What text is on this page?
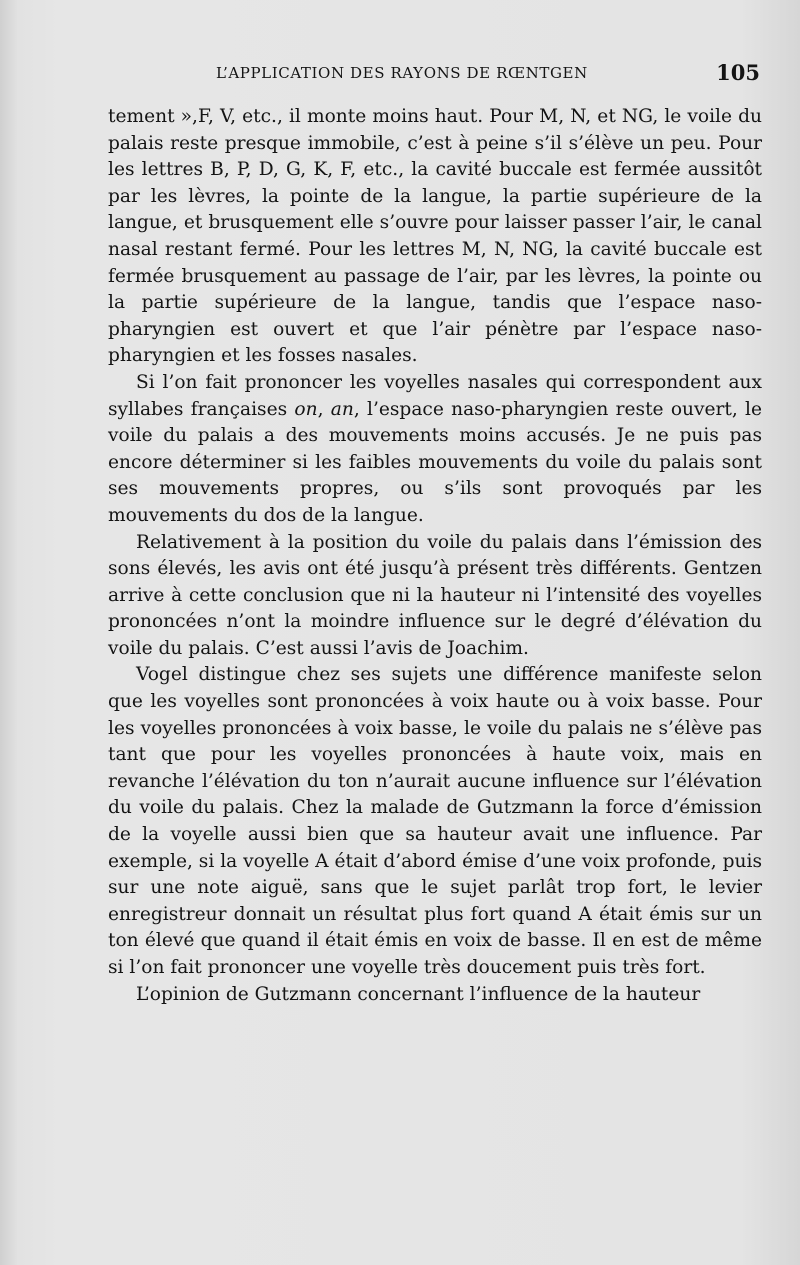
L’APPLICATION DES RAYONS DE RŒNTGEN	105

tement »,F, V, etc., il monte moins haut. Pour M, N, et NG, le voile du palais reste presque immobile, c’est à peine s’il s’élève un peu. Pour les lettres B, P, D, G, K, F, etc., la cavité buccale est fermée aussitôt par les lèvres, la pointe de la langue, la partie supérieure de la langue, et brusquement elle s’ouvre pour laisser passer l’air, le canal nasal restant fermé. Pour les lettres M, N, NG, la cavité buccale est fermée brusquement au passage de l’air, par les lèvres, la pointe ou la partie supérieure de la langue, tandis que l’espace naso-pharyngien est ouvert et que l’air pénètre par l’espace naso-pharyngien et les fosses nasales.

Si l’on fait prononcer les voyelles nasales qui correspondent aux syllabes françaises on, an, l’espace naso-pharyngien reste ouvert, le voile du palais a des mouvements moins accusés. Je ne puis pas encore déterminer si les faibles mouvements du voile du palais sont ses mouvements propres, ou s’ils sont provoqués par les mouvements du dos de la langue.

Relativement à la position du voile du palais dans l’émission des sons élevés, les avis ont été jusqu’à présent très différents. Gentzen arrive à cette conclusion que ni la hauteur ni l’intensité des voyelles prononcées n’ont la moindre influence sur le degré d’élévation du voile du palais. C’est aussi l’avis de Joachim.

Vogel distingue chez ses sujets une différence manifeste selon que les voyelles sont prononcées à voix haute ou à voix basse. Pour les voyelles prononcées à voix basse, le voile du palais ne s’élève pas tant que pour les voyelles prononcées à haute voix, mais en revanche l’élévation du ton n’aurait aucune influence sur l’élévation du voile du palais. Chez la malade de Gutzmann la force d’émission de la voyelle aussi bien que sa hauteur avait une influence. Par exemple, si la voyelle A était d’abord émise d’une voix profonde, puis sur une note aiguë, sans que le sujet parlât trop fort, le levier enregistreur donnait un résultat plus fort quand A était émis sur un ton élevé que quand il était émis en voix de basse. Il en est de même si l’on fait prononcer une voyelle très doucement puis très fort.

L’opinion de Gutzmann concernant l’influence de la hauteur
